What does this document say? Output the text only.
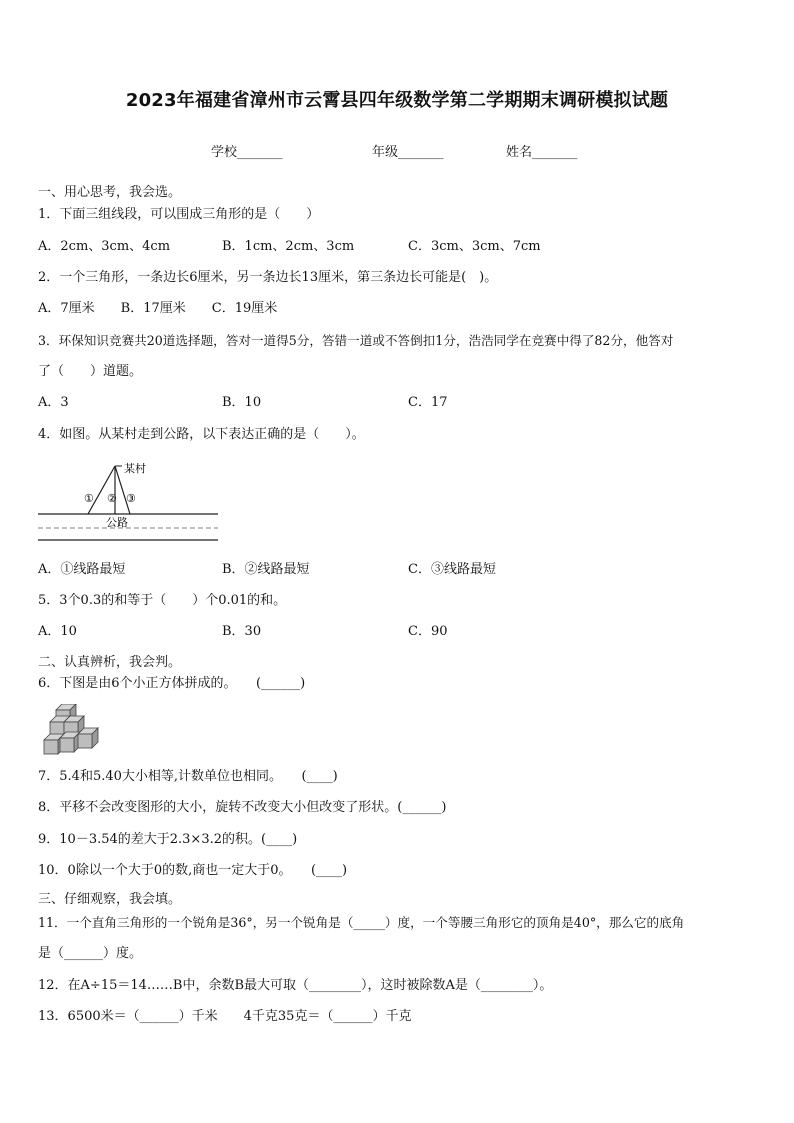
2023年福建省漳州市云霄县四年级数学第二学期期末调研模拟试题
学校_______	年级_______	姓名_______
一、用心思考，我会选。
1．下面三组线段，可以围成三角形的是（　　）
A．2cm、3cm、4cm	B．1cm、2cm、3cm	C．3cm、3cm、7cm
2．一个三角形，一条边长6厘米，另一条边长13厘米，第三条边长可能是(　)。
A．7厘米　　B．17厘米　　C．19厘米
3．环保知识竞赛共20道选择题，答对一道得5分，答错一道或不答倒扣1分，浩浩同学在竞赛中得了82分，他答对
了（　　）道题。
A．3	B．10	C．17
4．如图。从某村走到公路，以下表达正确的是（　　）。
某村
① ② ③
公路
A．①线路最短	B．②线路最短	C．③线路最短
5．3个0.3的和等于（　　）个0.01的和。
A．10	B．30	C．90
二、认真辨析，我会判。
6．下图是由6个小正方体拼成的。　　(______)
7．5.4和5.40大小相等,计数单位也相同。　　(____)
8．平移不会改变图形的大小，旋转不改变大小但改变了形状。(______)
9．10－3.54的差大于2.3×3.2的积。(____)
10．0除以一个大于0的数,商也一定大于0。　　(____)
三、仔细观察，我会填。
11．一个直角三角形的一个锐角是36°，另一个锐角是（_____）度，一个等腰三角形它的顶角是40°，那么它的底角
是（______）度。
12．在A÷15＝14……B中，余数B最大可取（________），这时被除数A是（________）。
13．6500米＝（______）千米　　4千克35克＝（______）千克
